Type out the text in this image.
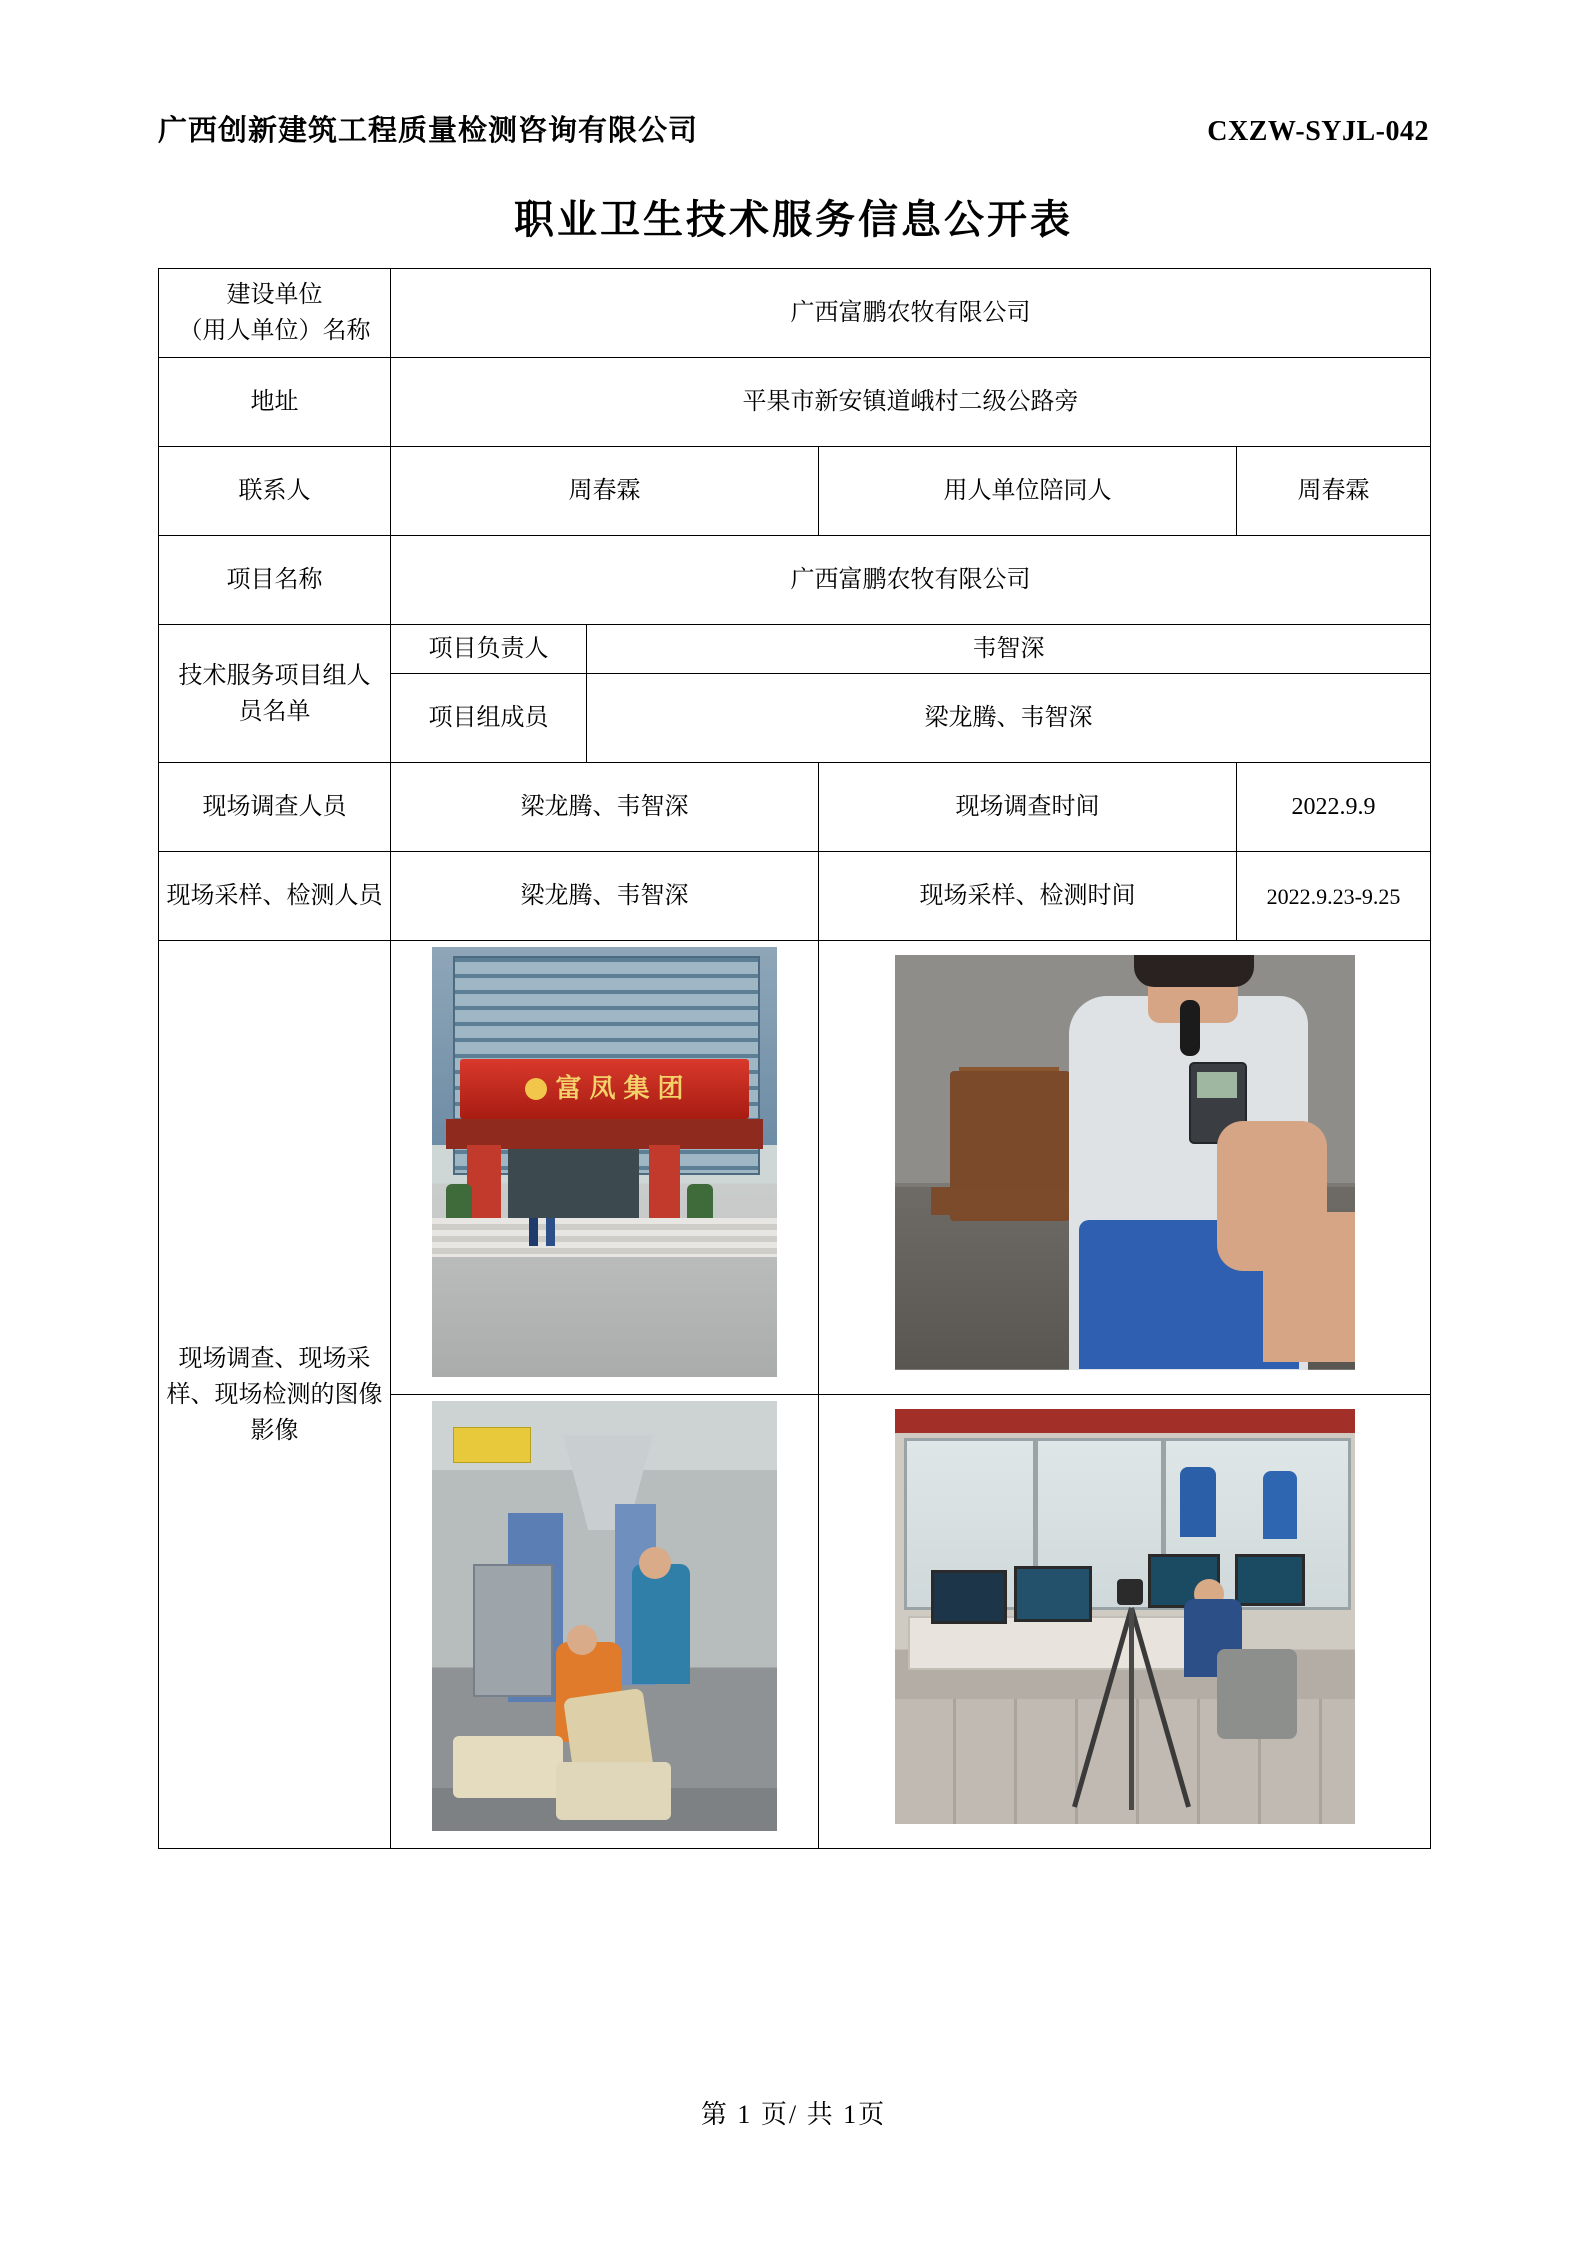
广西创新建筑工程质量检测咨询有限公司	CXZW-SYJL-042
职业卫生技术服务信息公开表
建设单位
（用人单位）名称	广西富鹏农牧有限公司			
地址	平果市新安镇道峨村二级公路旁			
联系人	周春霖		用人单位陪同人	周春霖
项目名称	广西富鹏农牧有限公司			
技术服务项目组人
员名单	项目负责人	韦智深		
	项目组成员	梁龙腾、韦智深		
现场调查人员	梁龙腾、韦智深		现场调查时间	2022.9.9
现场采样、检测人员	梁龙腾、韦智深		现场采样、检测时间	2022.9.23-9.25
现场调查、现场采
样、现场检测的图像
影像	富 凤 集 团			

第 1 页/ 共 1页
